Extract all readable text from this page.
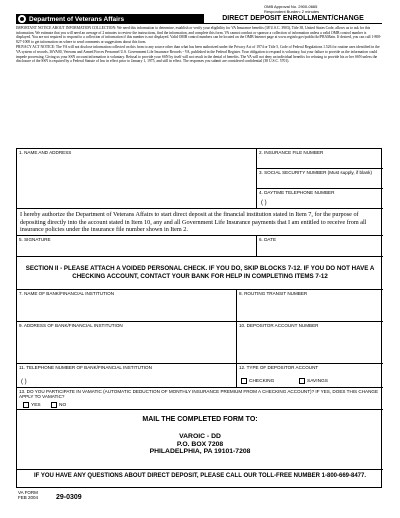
OMB Approval No. 2900-0665
Respondent Burden: 2 minutes
Department of Veterans Affairs	DIRECT DEPOSIT ENROLLMENT/CHANGE

IMPORTANT NOTICE ABOUT INFORMATION COLLECTION: We need this information to determine, establish or verify your eligibility for VA Insurance benefits (38 U.S.C. 3903), Title 38, United States Code, allows us to ask for this information. We estimate that you will need an average of 2 minutes to review the instructions, find the information, and complete this form. VA cannot conduct or sponsor a collection of information unless a valid OMB control number is displayed. You are not required to respond to a collection of information if this number is not displayed. Valid OMB control numbers can be located on the OMB Internet page at www.reginfo.gov/public/do/PRAMain. If desired, you can call 1-800-827-1000 to get information on where to send comments or suggestions about this form.

PRIVACY ACT NOTICE: The VA will not disclose information collected on this form to any source other than what has been authorized under the Privacy Act of 1974 or Title 5, Code of Federal Regulations 1.526 for routine uses identified in the VA system of records, 36VA00, Veterans and Armed Forces Personnel U.S. Government Life Insurance Records - VA, published in the Federal Register. Your obligation to respond is voluntary, but your failure to provide us the information could impede processing. Giving us your SSN account information is voluntary. Refusal to provide your SSN by itself will not result in the denial of benefits. The VA will not deny an individual benefits for refusing to provide his or her SSN unless the disclosure of the SSN is required by a Federal Statute of law in effect prior to January 1, 1975, and still in effect. The responses you submit are considered confidential (38 U.S.C. 5701).

1. NAME AND ADDRESS	2. INSURANCE FILE NUMBER
3. SOCIAL SECURITY NUMBER (Must supply, if blank)
4. DAYTIME TELEPHONE NUMBER
( )
I hereby authorize the Department of Veterans Affairs to start direct deposit at the financial institution stated in Item 7, for the purpose of depositing directly into the account stated in Item 10, any and all Government Life Insurance payments that I am entitled to receive from all insurance policies under the insurance file number shown in Item 2.
5. SIGNATURE	6. DATE
SECTION II - PLEASE ATTACH A VOIDED PERSONAL CHECK. IF YOU DO, SKIP BLOCKS 7-12. IF YOU DO NOT HAVE A CHECKING ACCOUNT, CONTACT YOUR BANK FOR HELP IN COMPLETING ITEMS 7-12
7. NAME OF BANK/FINANCIAL INSTITUTION	8. ROUTING TRANSIT NUMBER
9. ADDRESS OF BANK/FINANCIAL INSTITUTION	10. DEPOSITOR ACCOUNT NUMBER
11. TELEPHONE NUMBER OF BANK/FINANCIAL INSTITUTION
( )
12. TYPE OF DEPOSITOR ACCOUNT
CHECKING	SAVINGS
13. DO YOU PARTICIPATE IN VAMATIC (AUTOMATIC DEDUCTION OF MONTHLY INSURANCE PREMIUM FROM A CHECKING ACCOUNT)? IF YES, DOES THIS CHANGE APPLY TO VAMATIC?
YES	NO
MAIL THE COMPLETED FORM TO:
VAROIC - DD
P.O. BOX 7208
PHILADELPHIA, PA 19101-7208
IF YOU HAVE ANY QUESTIONS ABOUT DIRECT DEPOSIT, PLEASE CALL OUR TOLL-FREE NUMBER 1-800-669-8477.
VA FORM
FEB 2004	29-0309
